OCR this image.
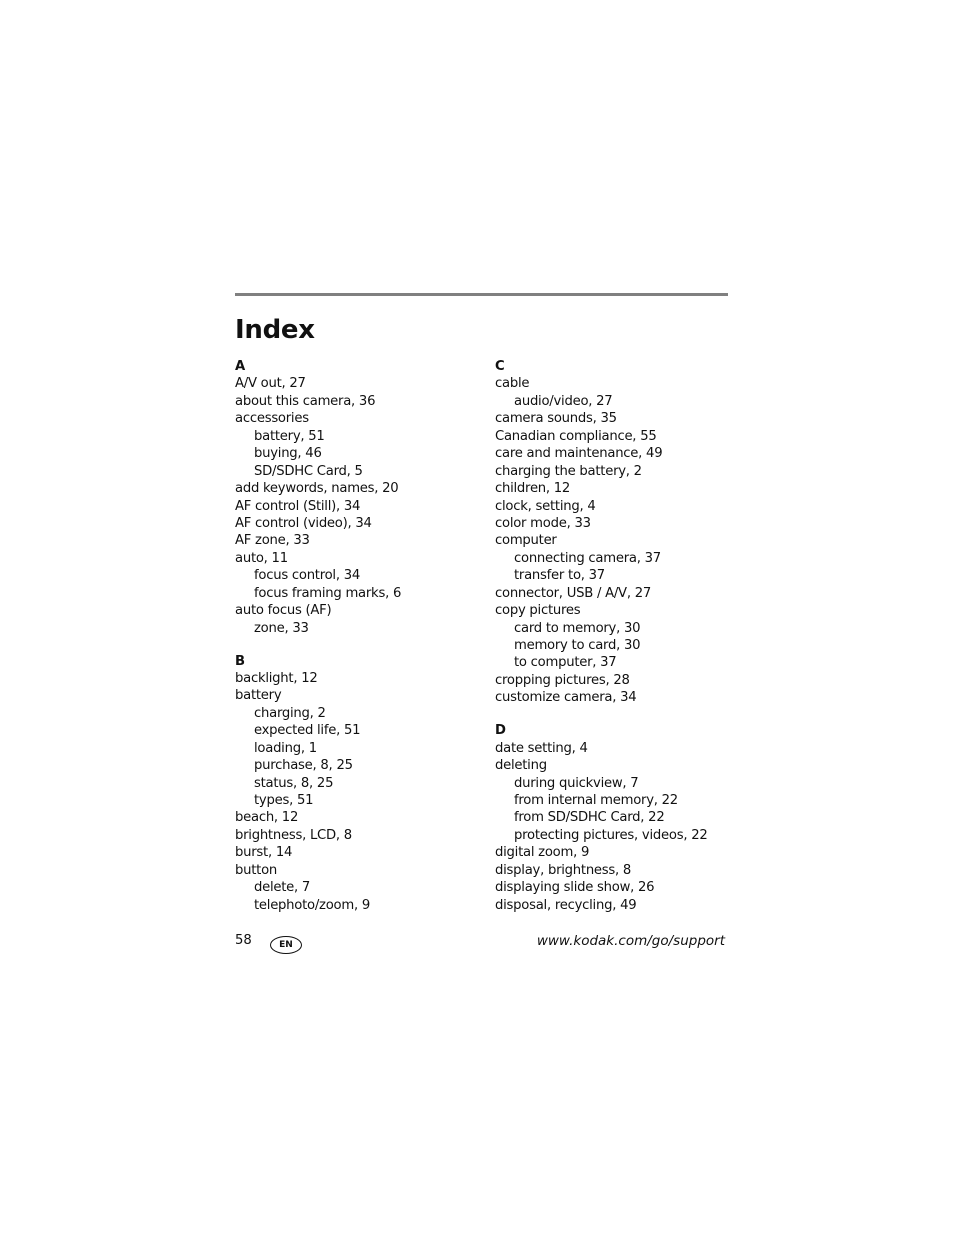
Index
A
A/V out, 27
about this camera, 36
accessories
battery, 51
buying, 46
SD/SDHC Card, 5
add keywords, names, 20
AF control (Still), 34
AF control (video), 34
AF zone, 33
auto, 11
focus control, 34
focus framing marks, 6
auto focus (AF)
zone, 33
B
backlight, 12
battery
charging, 2
expected life, 51
loading, 1
purchase, 8, 25
status, 8, 25
types, 51
beach, 12
brightness, LCD, 8
burst, 14
button
delete, 7
telephoto/zoom, 9
C
cable
audio/video, 27
camera sounds, 35
Canadian compliance, 55
care and maintenance, 49
charging the battery, 2
children, 12
clock, setting, 4
color mode, 33
computer
connecting camera, 37
transfer to, 37
connector, USB / A/V, 27
copy pictures
card to memory, 30
memory to card, 30
to computer, 37
cropping pictures, 28
customize camera, 34
D
date setting, 4
deleting
during quickview, 7
from internal memory, 22
from SD/SDHC Card, 22
protecting pictures, videos, 22
digital zoom, 9
display, brightness, 8
displaying slide show, 26
disposal, recycling, 49
58	EN	www.kodak.com/go/support
